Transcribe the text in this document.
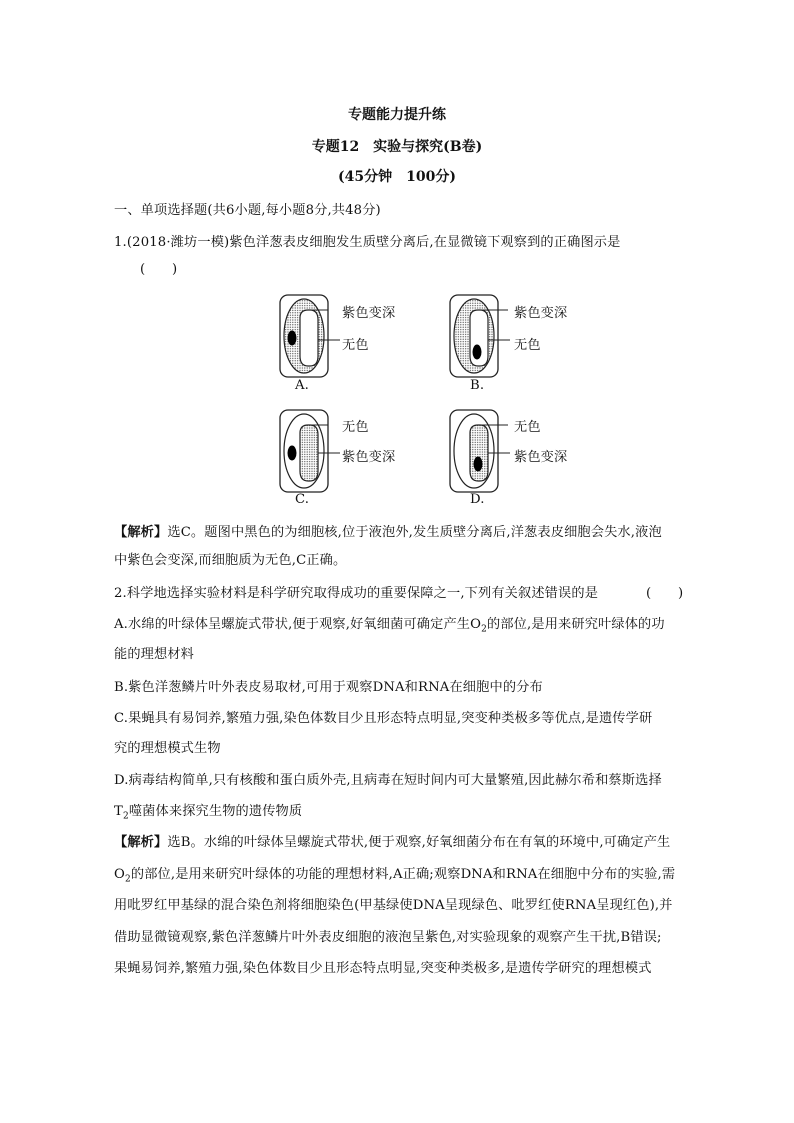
专题能力提升练
专题12　实验与探究(B卷)
(45分钟　100分)
一、单项选择题(共6小题,每小题8分,共48分)
1.(2018·潍坊一模)紫色洋葱表皮细胞发生质壁分离后,在显微镜下观察到的正确图示是
(　　)
紫色变深
无色
A.
紫色变深
无色
B.
无色
紫色变深
C.
无色
紫色变深
D.
【解析】选C。题图中黑色的为细胞核,位于液泡外,发生质壁分离后,洋葱表皮细胞会失水,液泡
中紫色会变深,而细胞质为无色,C正确。
2.科学地选择实验材料是科学研究取得成功的重要保障之一,下列有关叙述错误的是	(　　)
A.水绵的叶绿体呈螺旋式带状,便于观察,好氧细菌可确定产生$O_2$的部位,是用来研究叶绿体的功
能的理想材料
B.紫色洋葱鳞片叶外表皮易取材,可用于观察DNA和RNA在细胞中的分布
C.果蝇具有易饲养,繁殖力强,染色体数目少且形态特点明显,突变种类极多等优点,是遗传学研
究的理想模式生物
D.病毒结构简单,只有核酸和蛋白质外壳,且病毒在短时间内可大量繁殖,因此赫尔希和蔡斯选择
$T_2$噬菌体来探究生物的遗传物质
【解析】选B。水绵的叶绿体呈螺旋式带状,便于观察,好氧细菌分布在有氧的环境中,可确定产生
$O_2$的部位,是用来研究叶绿体的功能的理想材料,A正确;观察DNA和RNA在细胞中分布的实验,需
用吡罗红甲基绿的混合染色剂将细胞染色(甲基绿使DNA呈现绿色、吡罗红使RNA呈现红色),并
借助显微镜观察,紫色洋葱鳞片叶外表皮细胞的液泡呈紫色,对实验现象的观察产生干扰,B错误;
果蝇易饲养,繁殖力强,染色体数目少且形态特点明显,突变种类极多,是遗传学研究的理想模式
